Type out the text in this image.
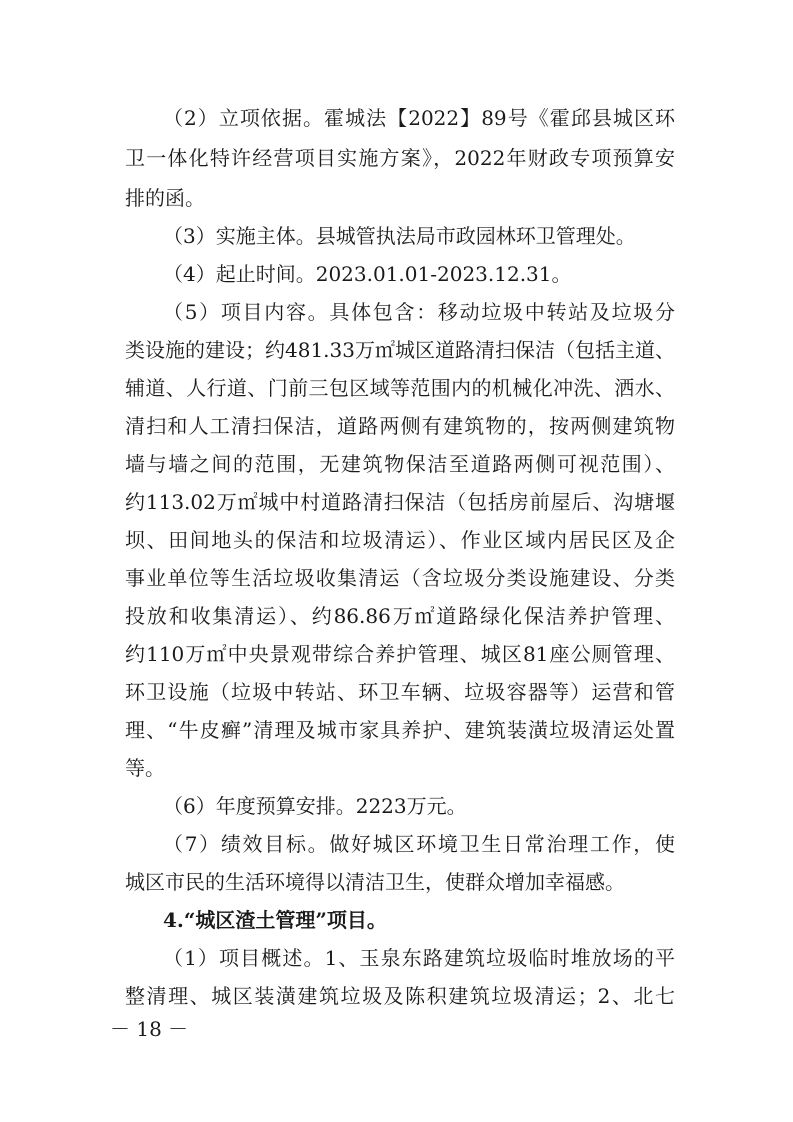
（2）立项依据。霍城法【2022】89号《霍邱县城区环
卫一体化特许经营项目实施方案》，2022年财政专项预算安
排的函。
（3）实施主体。县城管执法局市政园林环卫管理处。
（4）起止时间。2023.01.01-2023.12.31。
（5）项目内容。具体包含：移动垃圾中转站及垃圾分
类设施的建设；约481.33万㎡城区道路清扫保洁（包括主道、
辅道、人行道、门前三包区域等范围内的机械化冲洗、洒水、
清扫和人工清扫保洁，道路两侧有建筑物的，按两侧建筑物
墙与墙之间的范围，无建筑物保洁至道路两侧可视范围）、
约113.02万㎡城中村道路清扫保洁（包括房前屋后、沟塘堰
坝、田间地头的保洁和垃圾清运）、作业区域内居民区及企
事业单位等生活垃圾收集清运（含垃圾分类设施建设、分类
投放和收集清运）、约86.86万㎡道路绿化保洁养护管理、
约110万㎡中央景观带综合养护管理、城区81座公厕管理、
环卫设施（垃圾中转站、环卫车辆、垃圾容器等）运营和管
理、“牛皮癣”清理及城市家具养护、建筑装潢垃圾清运处置
等。
（6）年度预算安排。2223万元。
（7）绩效目标。做好城区环境卫生日常治理工作，使
城区市民的生活环境得以清洁卫生，使群众增加幸福感。
4.“城区渣土管理”项目。
（1）项目概述。1、玉泉东路建筑垃圾临时堆放场的平
整清理、城区装潢建筑垃圾及陈积建筑垃圾清运；2、北七
－ 18 －
